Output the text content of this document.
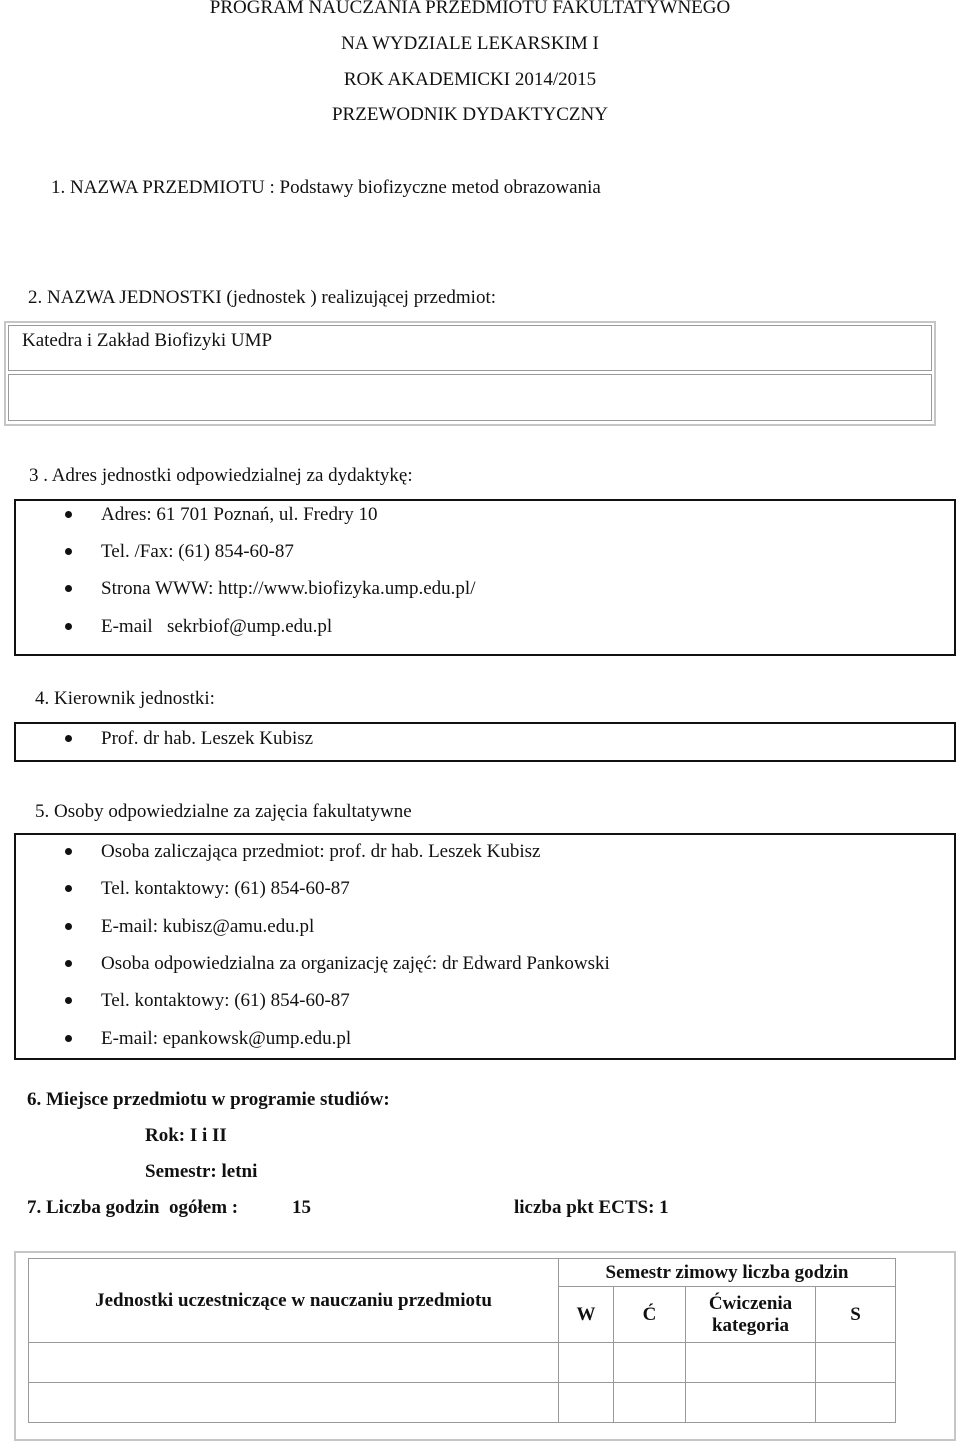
PROGRAM NAUCZANIA PRZEDMIOTU FAKULTATYWNEGO
NA WYDZIALE LEKARSKIM I
ROK AKADEMICKI 2014/2015
PRZEWODNIK DYDAKTYCZNY
1. NAZWA PRZEDMIOTU : Podstawy biofizyczne metod obrazowania
2. NAZWA JEDNOSTKI (jednostek ) realizującej przedmiot:
Katedra i Zakład Biofizyki UMP
3 . Adres jednostki odpowiedzialnej za dydaktykę:
Adres: 61 701 Poznań, ul. Fredry 10
Tel. /Fax: (61) 854-60-87
Strona WWW: http://www.biofizyka.ump.edu.pl/
E-mail   sekrbiof@ump.edu.pl
4. Kierownik jednostki:
Prof. dr hab. Leszek Kubisz
5. Osoby odpowiedzialne za zajęcia fakultatywne
Osoba zaliczająca przedmiot: prof. dr hab. Leszek Kubisz
Tel. kontaktowy: (61) 854-60-87
E-mail: kubisz@amu.edu.pl
Osoba odpowiedzialna za organizację zajęć: dr Edward Pankowski
Tel. kontaktowy: (61) 854-60-87
E-mail: epankowsk@ump.edu.pl
6. Miejsce przedmiotu w programie studiów:
Rok: I i II
Semestr: letni
7. Liczba godzin  ogółem :	15	liczba pkt ECTS: 1
Jednostki uczestniczące w nauczaniu przedmiotu	Semestr zimowy liczba godzin			
	W	Ć	Ćwiczenia kategoria	S
